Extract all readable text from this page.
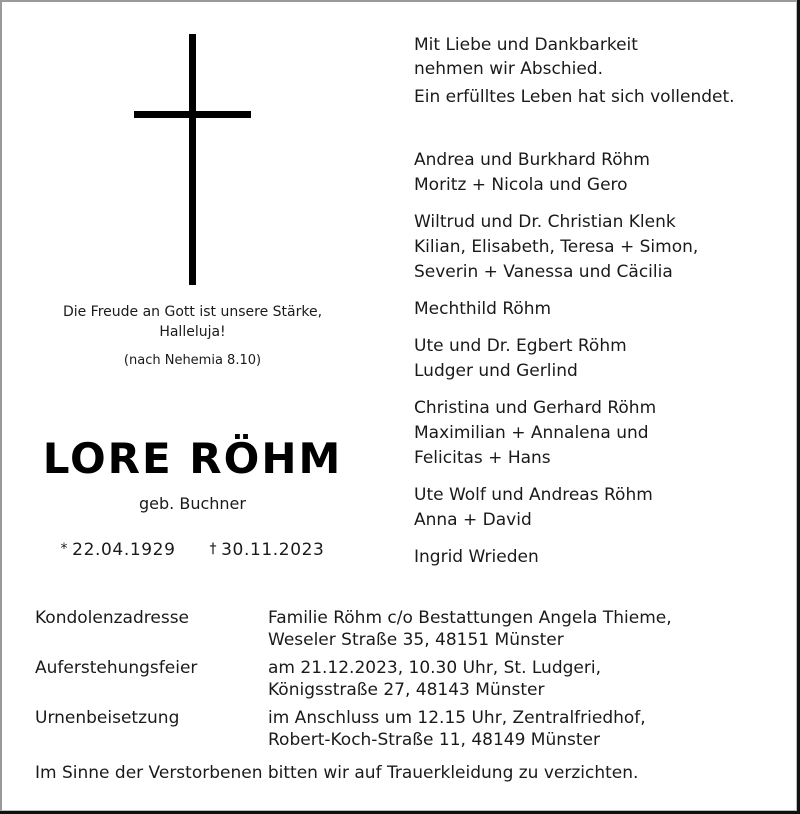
Die Freude an Gott ist unsere Stärke,
Halleluja!
(nach Nehemia 8.10)
LORE RÖHM
geb. Buchner
* 22.04.1929 † 30.11.2023
Mit Liebe und Dankbarkeit
nehmen wir Abschied.
Ein erfülltes Leben hat sich vollendet.
Andrea und Burkhard Röhm
Moritz + Nicola und Gero
Wiltrud und Dr. Christian Klenk
Kilian, Elisabeth, Teresa + Simon,
Severin + Vanessa und Cäcilia
Mechthild Röhm
Ute und Dr. Egbert Röhm
Ludger und Gerlind
Christina und Gerhard Röhm
Maximilian + Annalena und
Felicitas + Hans
Ute Wolf und Andreas Röhm
Anna + David
Ingrid Wrieden
Kondolenzadresse	Familie Röhm c/o Bestattungen Angela Thieme,
Weseler Straße 35, 48151 Münster
Auferstehungsfeier	am 21.12.2023, 10.30 Uhr, St. Ludgeri,
Königsstraße 27, 48143 Münster
Urnenbeisetzung	im Anschluss um 12.15 Uhr, Zentralfriedhof,
Robert-Koch-Straße 11, 48149 Münster
Im Sinne der Verstorbenen bitten wir auf Trauerkleidung zu verzichten.
